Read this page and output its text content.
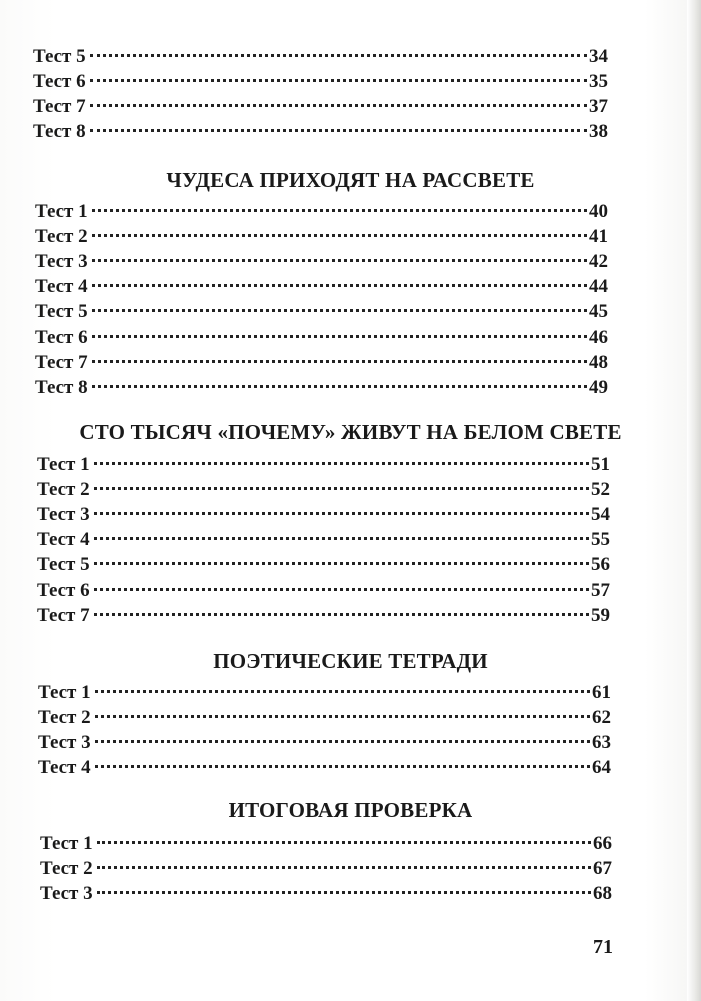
Тест 5	34
Тест 6	35
Тест 7	37
Тест 8	38
ЧУДЕСА ПРИХОДЯТ НА РАССВЕТЕ
Тест 1	40
Тест 2	41
Тест 3	42
Тест 4	44
Тест 5	45
Тест 6	46
Тест 7	48
Тест 8	49
СТО ТЫСЯЧ «ПОЧЕМУ» ЖИВУТ НА БЕЛОМ СВЕТЕ
Тест 1	51
Тест 2	52
Тест 3	54
Тест 4	55
Тест 5	56
Тест 6	57
Тест 7	59
ПОЭТИЧЕСКИЕ ТЕТРАДИ
Тест 1	61
Тест 2	62
Тест 3	63
Тест 4	64
ИТОГОВАЯ ПРОВЕРКА
Тест 1	66
Тест 2	67
Тест 3	68
71
